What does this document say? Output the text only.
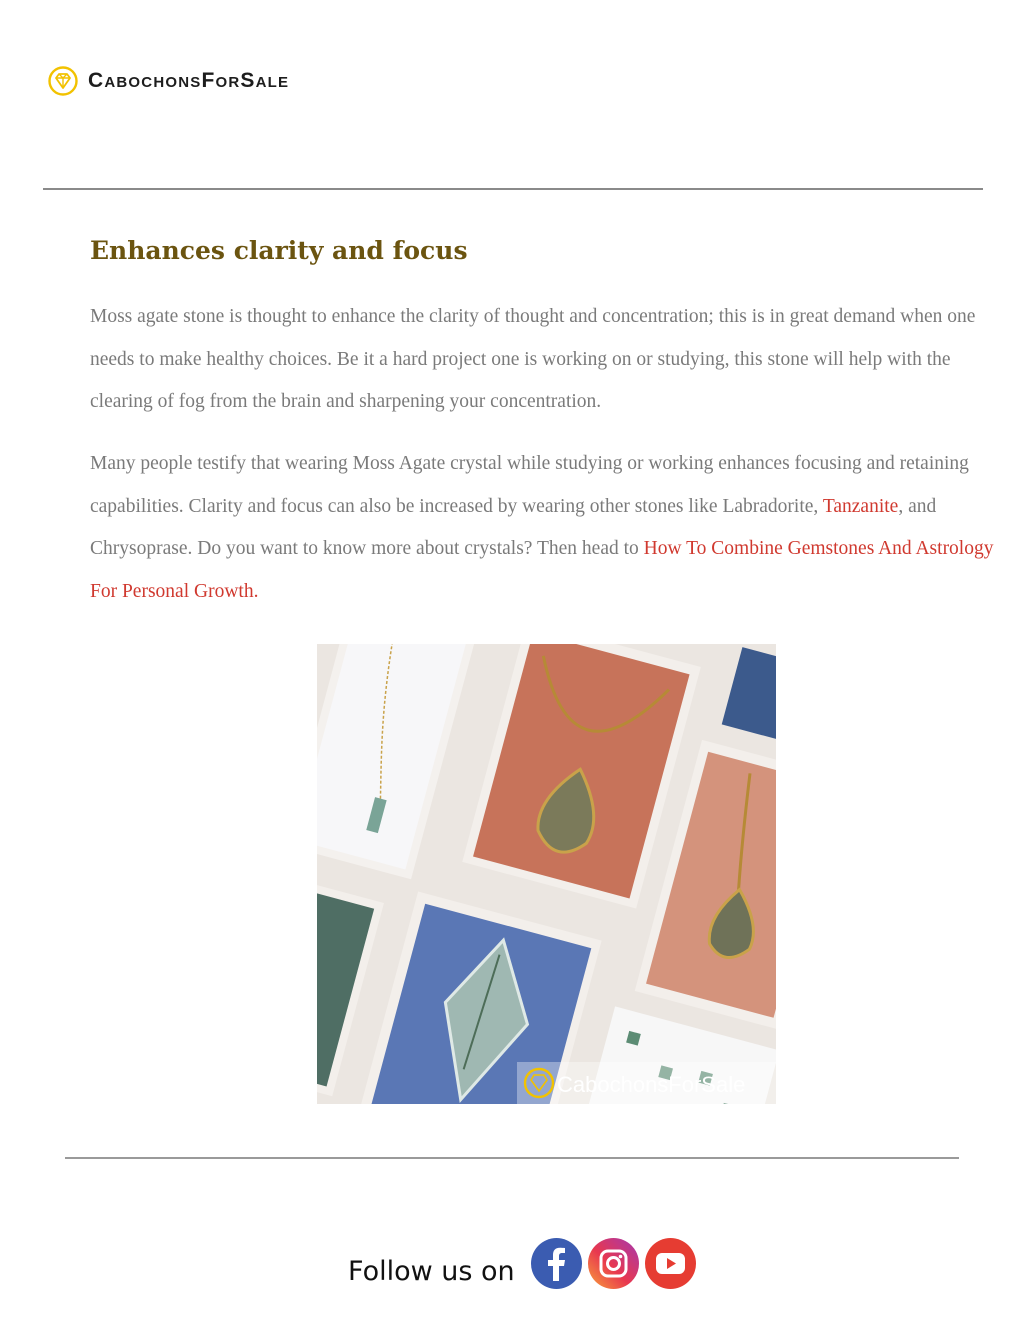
CabochonsForSale
Enhances clarity and focus

Moss agate stone is thought to enhance the clarity of thought and concentration; this is in great demand when one needs to make healthy choices. Be it a hard project one is working on or studying, this stone will help with the clearing of fog from the brain and sharpening your concentration.

Many people testify that wearing Moss Agate crystal while studying or working enhances focusing and retaining capabilities. Clarity and focus can also be increased by wearing other stones like Labradorite, Tanzanite, and Chrysoprase. Do you want to know more about crystals? Then head to How To Combine Gemstones And Astrology For Personal Growth.

CabochonsForSale
Follow us on
